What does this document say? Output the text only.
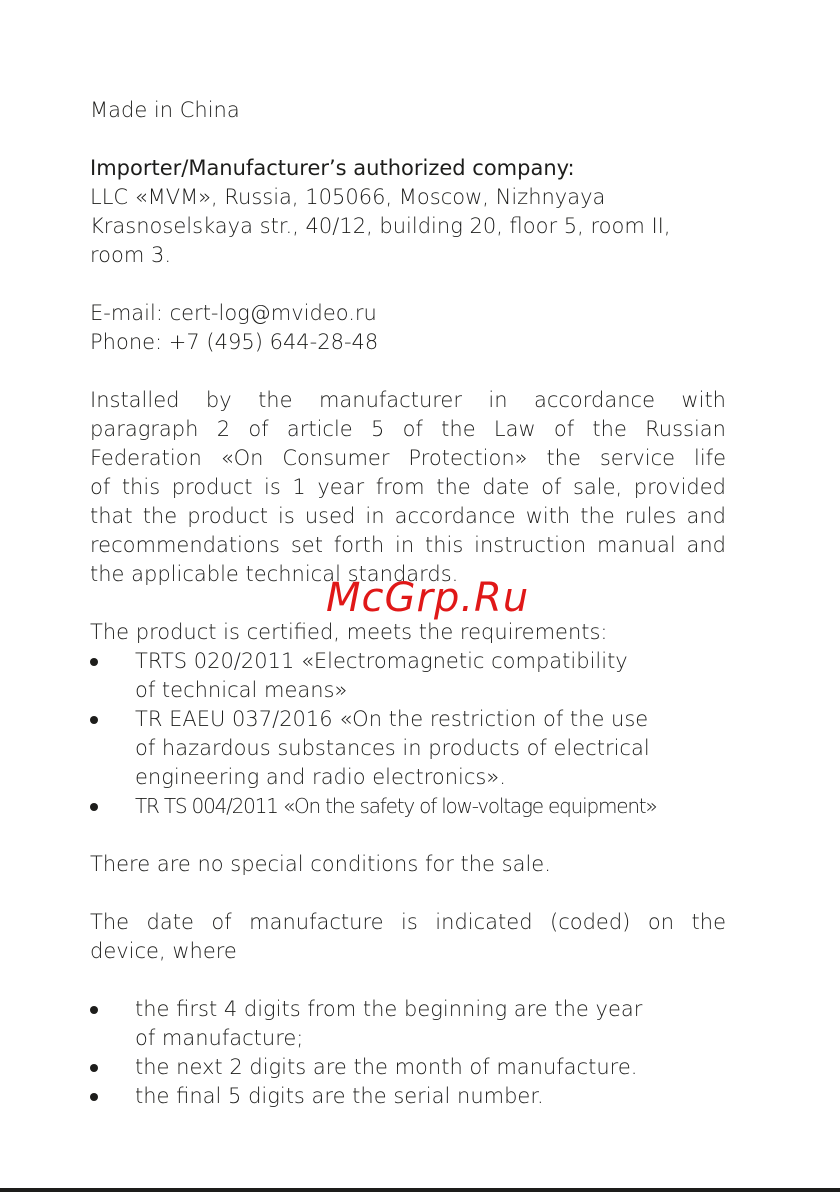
Made in China

Importer/Manufacturer’s authorized company:

LLC «MVM», Russia, 105066, Moscow, Nizhnyaya

Krasnoselskaya str., 40/12, building 20, floor 5, room II,

room 3.

E-mail: cert-log@mvideo.ru

Phone: +7 (495) 644-28-48

Installed by the manufacturer in accordance with

paragraph 2 of article 5 of the Law of the Russian

Federation «On Consumer Protection» the service life

of this product is 1 year from the date of sale, provided

that the product is used in accordance with the rules and

recommendations set forth in this instruction manual and

the applicable technical standards.

The product is certified, meets the requirements:

TRTS 020/2011 «Electromagnetic compatibility
of technical means»
TR EAEU 037/2016 «On the restriction of the use
of hazardous substances in products of electrical
engineering and radio electronics».
TR TS 004/2011 «On the safety of low-voltage equipment»

There are no special conditions for the sale.

The date of manufacture is indicated (coded) on the

device, where

the first 4 digits from the beginning are the year
of manufacture;
the next 2 digits are the month of manufacture.
the final 5 digits are the serial number.
McGrp.Ru
